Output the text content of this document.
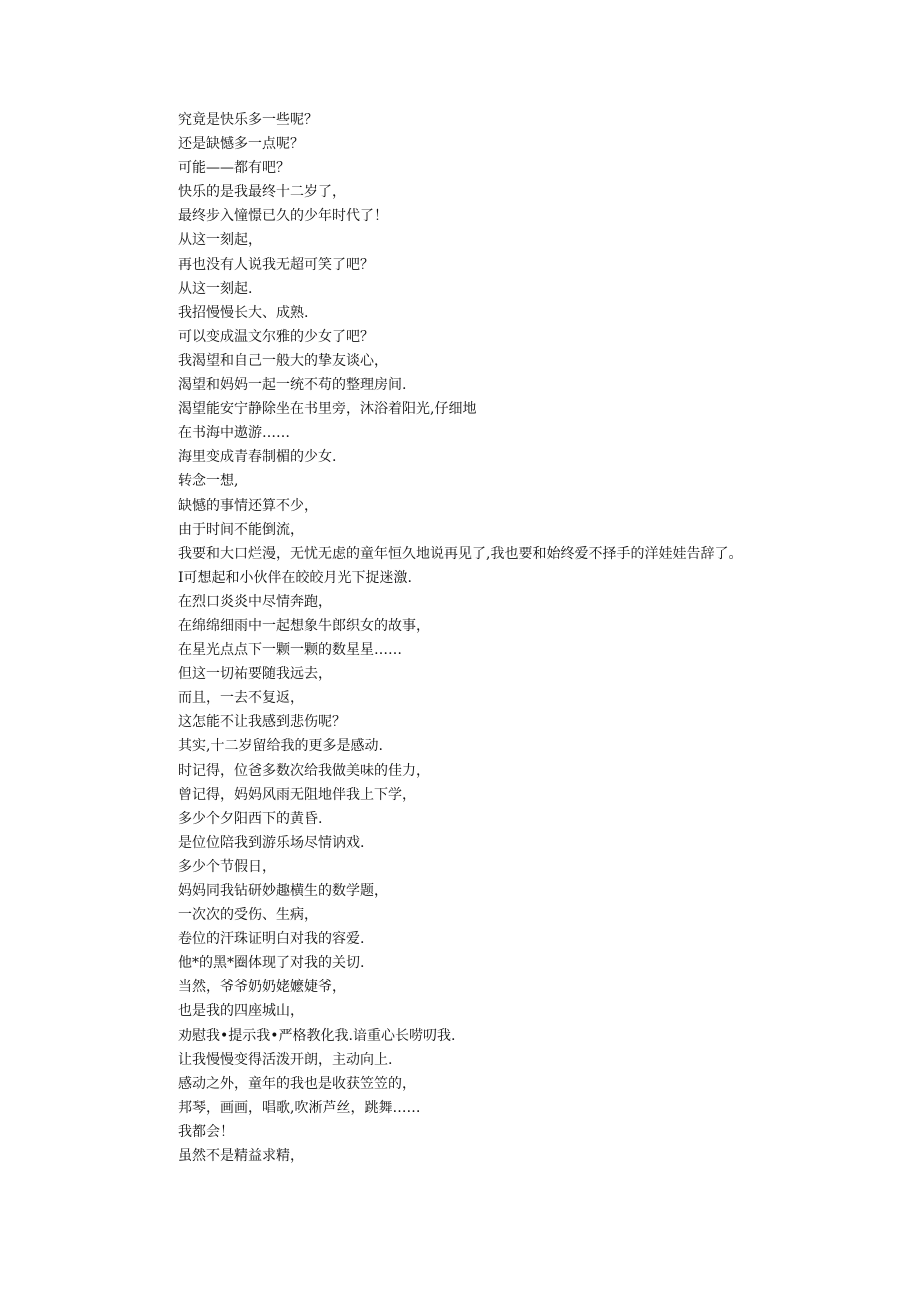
究竟是快乐多一些呢？
还是缺憾多一点呢？
可能——都有吧？
快乐的是我最终十二岁了，
最终步入憧憬已久的少年时代了！
从这一刻起，
再也没有人说我无超可笑了吧？
从这一刻起.
我招慢慢长大、成熟.
可以变成温文尔雅的少女了吧？
我渴望和自己一般大的挚友谈心，
渴望和妈妈一起一统不苟的整理房间.
渴望能安宁静除坐在书里旁，沐浴着阳光,仔细地
在书海中遨游……
海里变成青春制楣的少女.
转念一想,
缺憾的事情还算不少，
由于时间不能倒流，
我要和大口烂漫，无忧无虑的童年恒久地说再见了,我也要和始终爱不择手的洋娃娃告辞了。
I可想起和小伙伴在皎皎月光下捉迷激.
在烈口炎炎中尽情奔跑，
在绵绵细雨中一起想象牛郎织女的故事，
在星光点点下一颗一颗的数星星……
但这一切祐要随我远去，
而且，一去不复返，
这怎能不让我感到悲伤呢？
其实,十二岁留给我的更多是感动.
时记得，位爸多数次给我做美味的佳力，
曾记得，妈妈风雨无阻地伴我上下学，
多少个夕阳西下的黄昏.
是位位陪我到游乐场尽情讷戏.
多少个节假日，
妈妈同我钻研妙趣横生的数学题，
一次次的受伤、生病，
卷位的汗珠证明白对我的容爱.
他*的黑*圈体现了对我的关切.
当然，爷爷奶奶姥嬷婕爷，
也是我的四座城山，
劝慰我•提示我•严格教化我.谙重心长唠叨我.
让我慢慢变得活泼开朗，主动向上.
感动之外，童年的我也是收获笠笠的，
邦琴，画画，唱歌,吹淅芦丝，跳舞……
我都会！
虽然不是精益求精，
